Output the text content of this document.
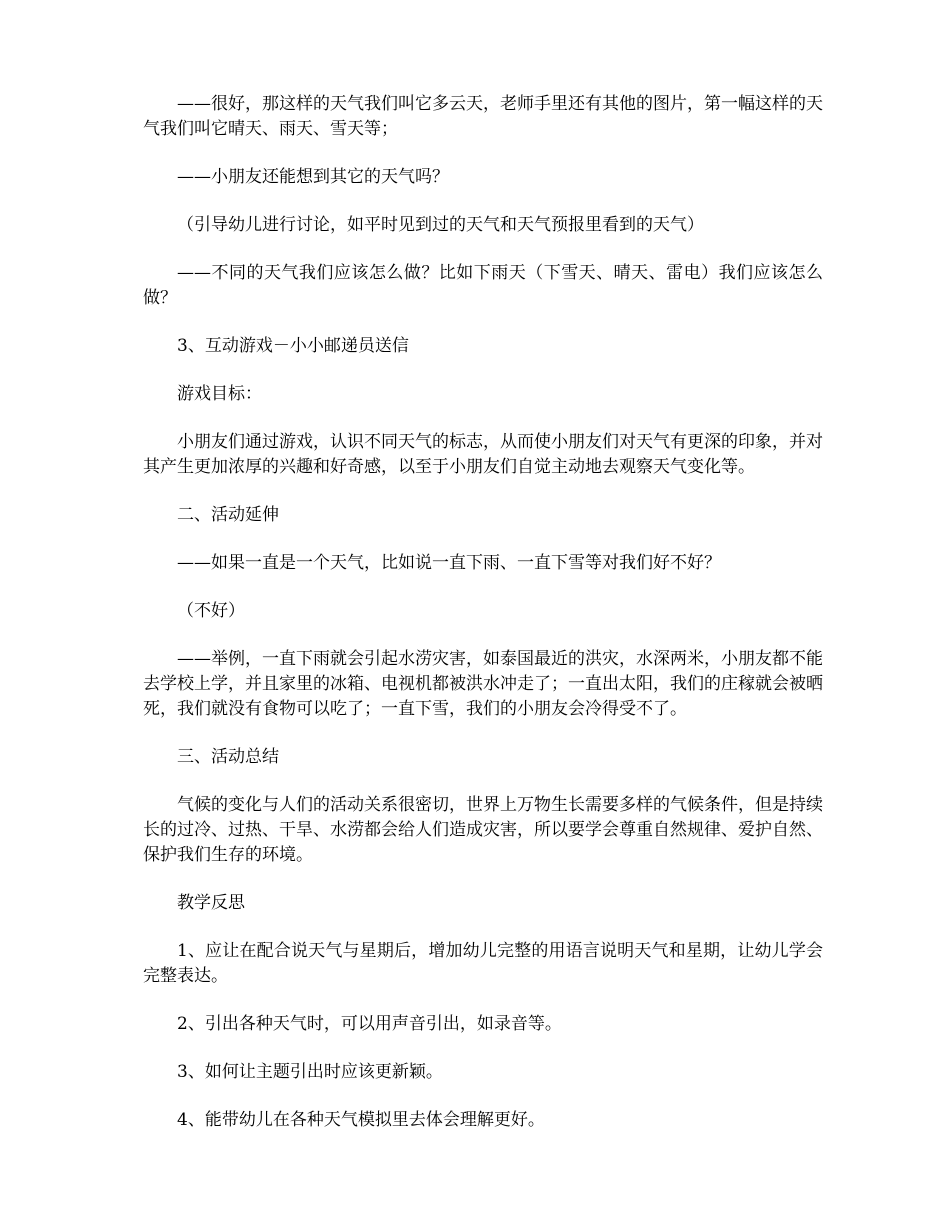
——很好，那这样的天气我们叫它多云天，老师手里还有其他的图片，第一幅这样的天气我们叫它晴天、雨天、雪天等；

——小朋友还能想到其它的天气吗？

（引导幼儿进行讨论，如平时见到过的天气和天气预报里看到的天气）

——不同的天气我们应该怎么做？比如下雨天（下雪天、晴天、雷电）我们应该怎么做？

3、互动游戏－小小邮递员送信

游戏目标：

小朋友们通过游戏，认识不同天气的标志，从而使小朋友们对天气有更深的印象，并对其产生更加浓厚的兴趣和好奇感，以至于小朋友们自觉主动地去观察天气变化等。

二、活动延伸

——如果一直是一个天气，比如说一直下雨、一直下雪等对我们好不好？

（不好）

——举例，一直下雨就会引起水涝灾害，如泰国最近的洪灾，水深两米，小朋友都不能去学校上学，并且家里的冰箱、电视机都被洪水冲走了；一直出太阳，我们的庄稼就会被晒死，我们就没有食物可以吃了；一直下雪，我们的小朋友会冷得受不了。

三、活动总结

气候的变化与人们的活动关系很密切，世界上万物生长需要多样的气候条件，但是持续长的过冷、过热、干旱、水涝都会给人们造成灾害，所以要学会尊重自然规律、爱护自然、保护我们生存的环境。

教学反思

1、应让在配合说天气与星期后，增加幼儿完整的用语言说明天气和星期，让幼儿学会完整表达。

2、引出各种天气时，可以用声音引出，如录音等。

3、如何让主题引出时应该更新颖。

4、能带幼儿在各种天气模拟里去体会理解更好。
